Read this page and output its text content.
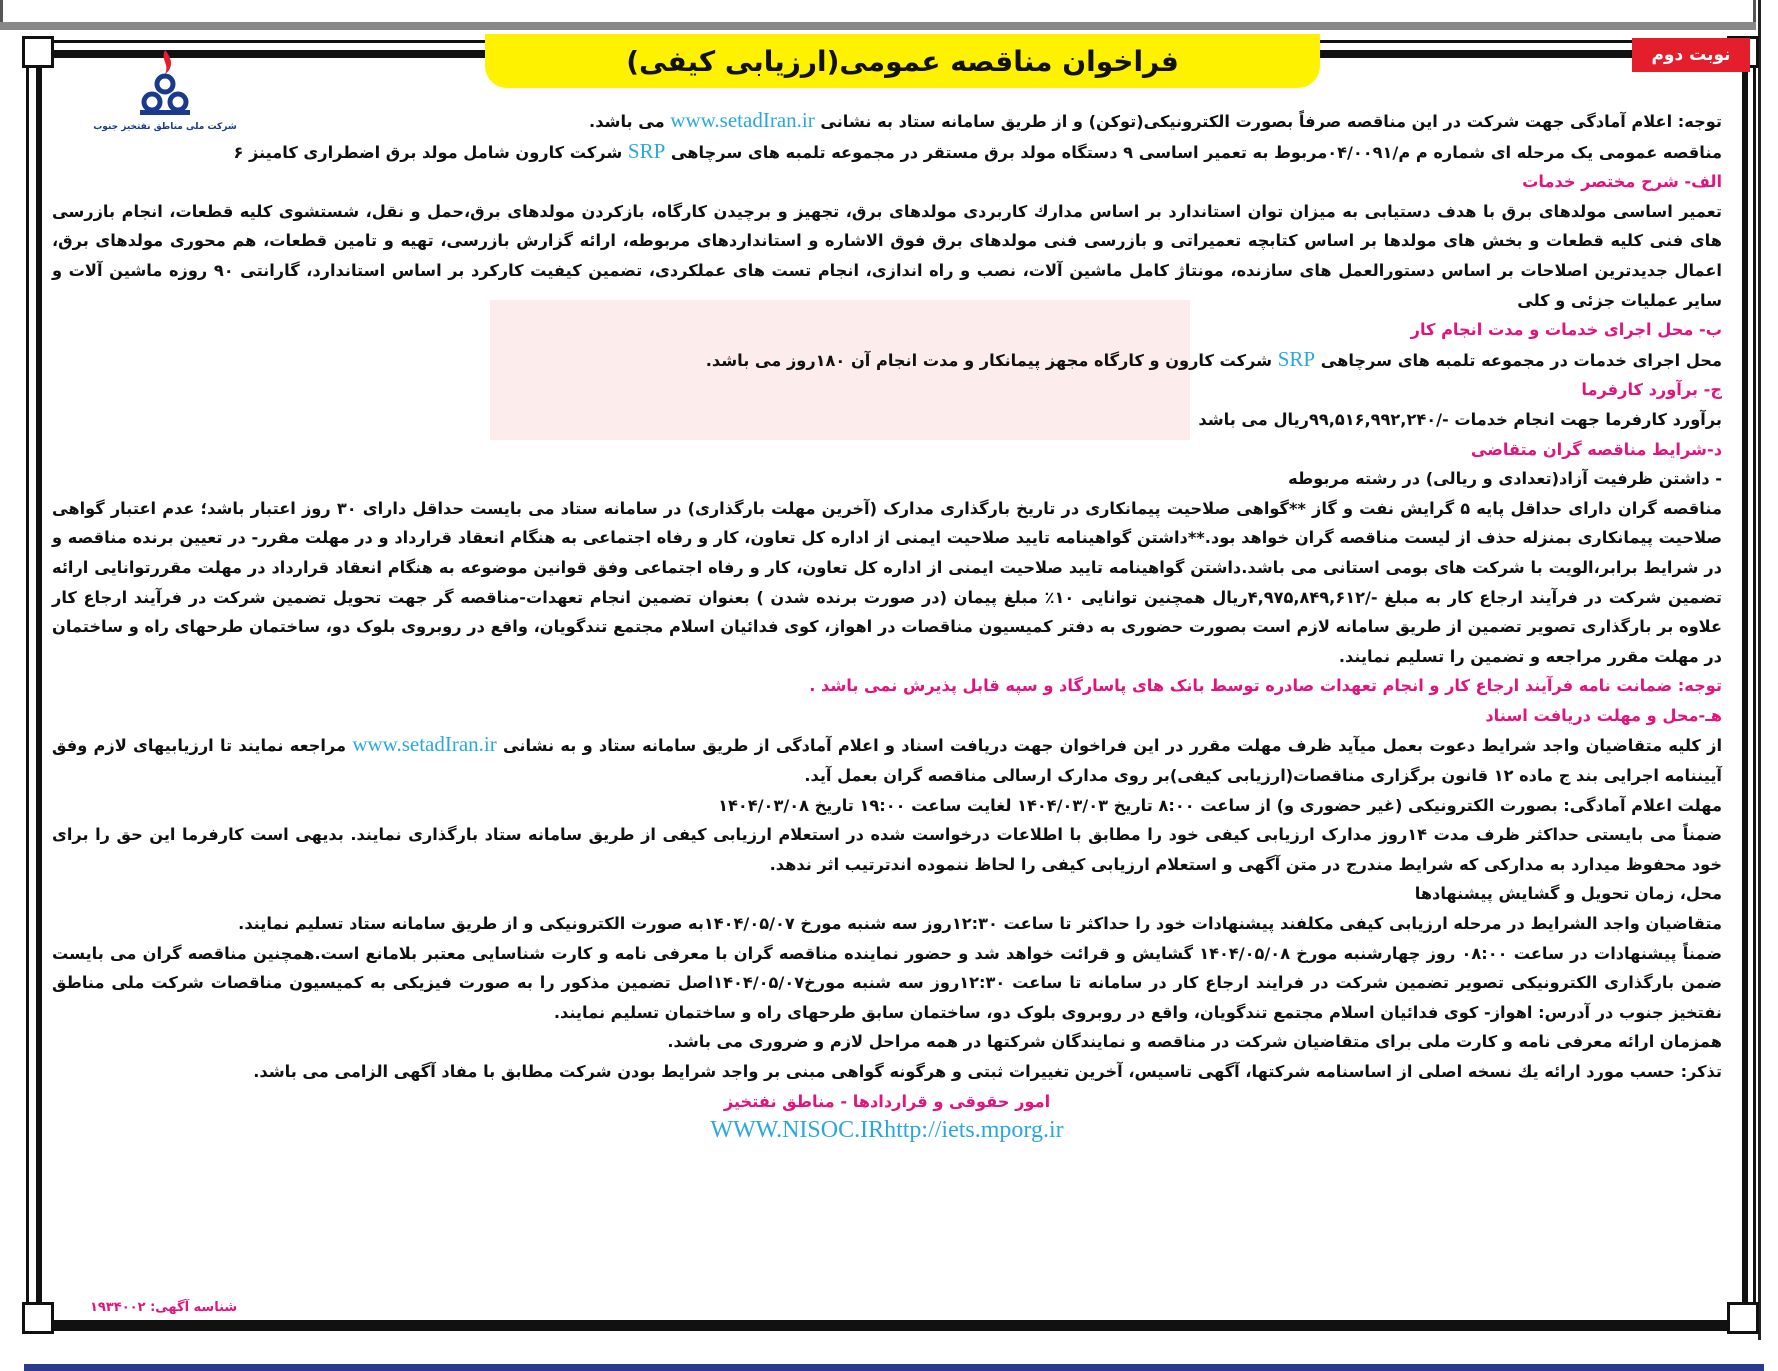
فراخوان مناقصه عمومی(ارزیابی کیفی)	نوبت دوم
شرکت ملی مناطق نفتخیز جنوب	توجه: اعلام آمادگی جهت شرکت در این مناقصه صرفاً بصورت الکترونیکی(توکن) و از طریق سامانه ستاد به نشانی www.setadIran.ir می باشد.

مناقصه عمومی یک مرحله ای شماره م م/۰۴/۰۰۹۱مربوط به تعمیر اساسی ۹ دستگاه مولد برق مستقر در مجموعه تلمبه های سرچاهی SRP شرکت کارون شامل مولد برق اضطراری کامینز ۶

الف- شرح مختصر خدمات

تعمیر اساسی مولدهای برق با هدف دستیابی به میزان توان استاندارد بر اساس مدارك کاربردی مولدهای برق، تجهیز و برچیدن کارگاه، بازکردن مولدهای برق،حمل و نقل، شستشوی کلیه قطعات، انجام بازرسی های فنی کلیه قطعات و بخش های مولدها بر اساس کتابچه تعمیراتی و بازرسی فنی مولدهای برق فوق الاشاره و استانداردهای مربوطه، ارائه گزارش بازرسی، تهیه و تامین قطعات، هم محوری مولدهای برق، اعمال جدیدترین اصلاحات بر اساس دستورالعمل های سازنده، مونتاژ کامل ماشین آلات، نصب و راه اندازی، انجام تست های عملکردی، تضمین کیفیت کارکرد بر اساس استاندارد، گارانتی ۹۰ روزه ماشین آلات و سایر عملیات جزئی و کلی

ب- محل اجرای خدمات و مدت انجام کار

محل اجرای خدمات در مجموعه تلمبه های سرچاهی SRP شرکت کارون و کارگاه مجهز پیمانکار و مدت انجام آن ۱۸۰روز می باشد.

ج- برآورد کارفرما

برآورد کارفرما جهت انجام خدمات -/۹۹,۵۱۶,۹۹۲,۲۴۰ریال می باشد

د-شرایط مناقصه گران متقاضی

- داشتن ظرفیت آزاد(تعدادی و ریالی) در رشته مربوطه

مناقصه گران دارای حداقل پایه ۵ گرایش نفت و گاز **گواهی صلاحیت پیمانکاری در تاریخ بارگذاری مدارک (آخرین مهلت بارگذاری) در سامانه ستاد می بایست حداقل دارای ۳۰ روز اعتبار باشد؛ عدم اعتبار گواهی صلاحیت پیمانکاری بمنزله حذف از لیست مناقصه گران خواهد بود.**داشتن گواهینامه تایید صلاحیت ایمنی از اداره کل تعاون، کار و رفاه اجتماعی به هنگام انعقاد قرارداد و در مهلت مقرر- در تعیین برنده مناقصه و در شرایط برابر،الویت با شرکت های بومی استانی می باشد.داشتن گواهینامه تایید صلاحیت ایمنی از اداره کل تعاون، کار و رفاه اجتماعی وفق قوانین موضوعه به هنگام انعقاد قرارداد در مهلت مقررتوانایی ارائه تضمین شرکت در فرآیند ارجاع کار به مبلغ -/۴,۹۷۵,۸۴۹,۶۱۲ریال همچنین توانایی ۱۰٪ مبلغ پیمان (در صورت برنده شدن ) بعنوان تضمین انجام تعهدات-مناقصه گر جهت تحویل تضمین شرکت در فرآیند ارجاع کار علاوه بر بارگذاری تصویر تضمین از طریق سامانه لازم است بصورت حضوری به دفتر کمیسیون مناقصات در اهواز، کوی فدائیان اسلام مجتمع تندگویان، واقع در روبروی بلوک دو، ساختمان طرحهای راه و ساختمان در مهلت مقرر مراجعه و تضمین را تسلیم نمایند.

توجه: ضمانت نامه فرآیند ارجاع کار و انجام تعهدات صادره توسط بانک های پاسارگاد و سپه قابل پذیرش نمی باشد .

هـ-محل و مهلت دریافت اسناد

از کلیه متقاضیان واجد شرایط دعوت بعمل میآید ظرف مهلت مقرر در این فراخوان جهت دریافت اسناد و اعلام آمادگی از طریق سامانه ستاد و به نشانی www.setadIran.ir مراجعه نمایند تا ارزیابیهای لازم وفق آیيننامه اجرایی بند ج ماده ۱۲ قانون برگزاری مناقصات(ارزیابی کیفی)بر روی مدارک ارسالی مناقصه گران بعمل آید.

مهلت اعلام آمادگی: بصورت الکترونیکی (غیر حضوری و) از ساعت ۸:۰۰ تاریخ ۱۴۰۴/۰۳/۰۳ لغایت ساعت ۱۹:۰۰ تاریخ ۱۴۰۴/۰۳/۰۸

ضمناً می بایستی حداکثر ظرف مدت ۱۴روز مدارک ارزیابی کیفی خود را مطابق با اطلاعات درخواست شده در استعلام ارزیابی کیفی از طریق سامانه ستاد بارگذاری نمایند. بدیهی است کارفرما این حق را برای خود محفوظ میدارد به مدارکی که شرایط مندرج در متن آگهی و استعلام ارزیابی کیفی را لحاظ ننموده اندترتیب اثر ندهد.

محل، زمان تحویل و گشایش پیشنهادها

متقاضیان واجد الشرایط در مرحله ارزیابی کیفی مکلفند پیشنهادات خود را حداکثر تا ساعت ۱۲:۳۰روز سه شنبه مورخ ۱۴۰۴/۰۵/۰۷به صورت الکترونیکی و از طریق سامانه ستاد تسلیم نمایند.

ضمناً پیشنهادات در ساعت ۰۸:۰۰ روز چهارشنبه مورخ ۱۴۰۴/۰۵/۰۸ گشایش و قرائت خواهد شد و حضور نماینده مناقصه گران با معرفی نامه و کارت شناسایی معتبر بلامانع است.همچنین مناقصه گران می بایست ضمن بارگذاری الکترونیکی تصویر تضمین شرکت در فرایند ارجاع کار در سامانه تا ساعت ۱۲:۳۰روز سه شنبه مورخ۱۴۰۴/۰۵/۰۷اصل تضمین مذکور را به صورت فیزیکی به کمیسیون مناقصات شرکت ملی مناطق نفتخیز جنوب در آدرس: اهواز- کوی فدائیان اسلام مجتمع تندگویان، واقع در روبروی بلوک دو، ساختمان سابق طرحهای راه و ساختمان تسلیم نمایند.

همزمان ارائه معرفی نامه و کارت ملی برای متقاضیان شرکت در مناقصه و نمایندگان شرکتها در همه مراحل لازم و ضروری می باشد.

تذکر: حسب مورد ارائه یك نسخه اصلی از اساسنامه شرکتها، آگهی تاسیس، آخرین تغییرات ثبتی و هرگونه گواهی مبنی بر واجد شرایط بودن شرکت مطابق با مفاد آگهی الزامی می باشد.

امور حقوقی و قراردادها - مناطق نفتخیز

WWW.NISOC.IRhttp://iets.mporg.ir

شناسه آگهی: ۱۹۳۴۰۰۲
